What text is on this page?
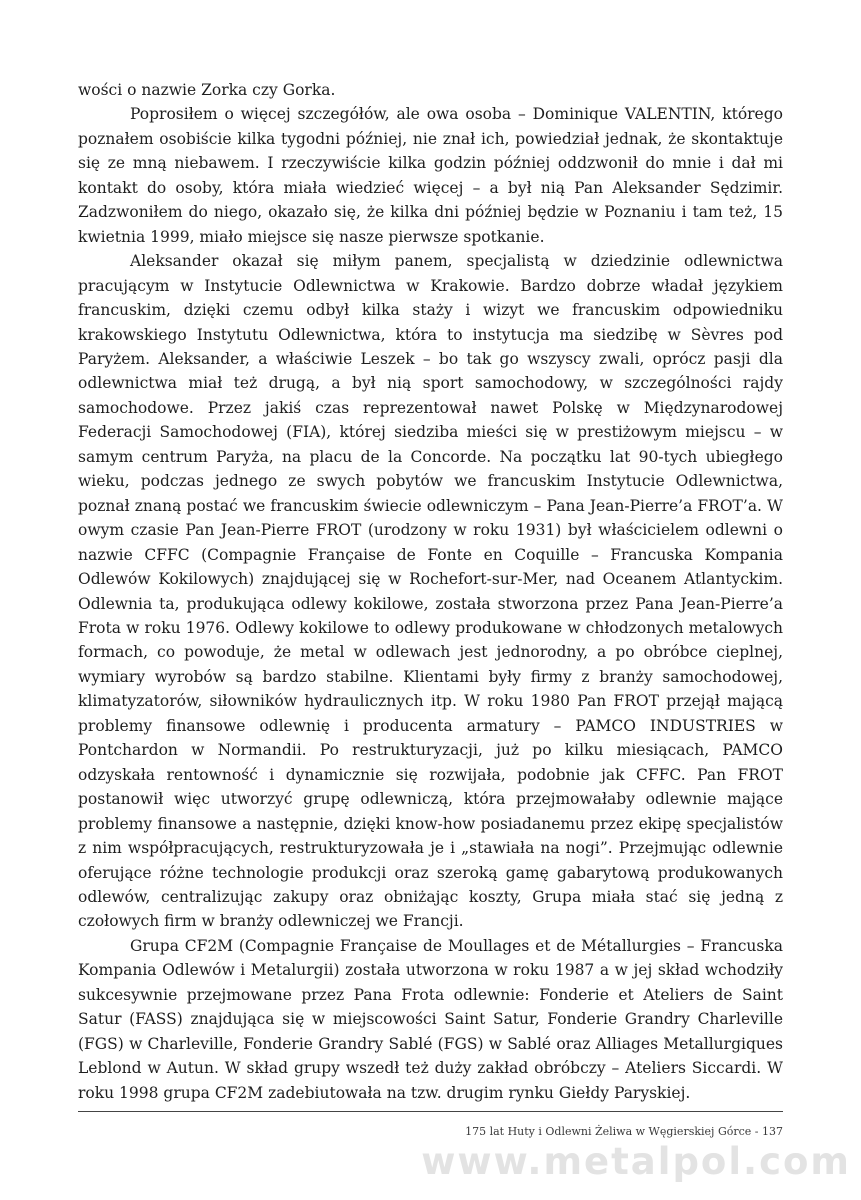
wości o nazwie Zorka czy Gorka.

Poprosiłem o więcej szczegółów, ale owa osoba – Dominique VALENTIN, którego poznałem osobiście kilka tygodni później, nie znał ich, powiedział jednak, że skontaktuje się ze mną niebawem. I rzeczywiście kilka godzin później oddzwonił do mnie i dał mi kontakt do osoby, która miała wiedzieć więcej – a był nią Pan Aleksander Sędzimir. Zadzwoniłem do niego, okazało się, że kilka dni później będzie w Poznaniu i tam też, 15 kwietnia 1999, miało miejsce się nasze pierwsze spotkanie.

Aleksander okazał się miłym panem, specjalistą w dziedzinie odlewnictwa pracującym w Instytucie Odlewnictwa w Krakowie. Bardzo dobrze władał językiem francuskim, dzięki czemu odbył kilka staży i wizyt we francuskim odpowiedniku krakowskiego Instytutu Odlewnictwa, która to instytucja ma siedzibę w Sèvres pod Paryżem. Aleksander, a właściwie Leszek – bo tak go wszyscy zwali, oprócz pasji dla odlewnictwa miał też drugą, a był nią sport samochodowy, w szczególności rajdy samochodowe. Przez jakiś czas reprezentował nawet Polskę w Międzynarodowej Federacji Samochodowej (FIA), której siedziba mieści się w prestiżowym miejscu – w samym centrum Paryża, na placu de la Concorde. Na początku lat 90-tych ubiegłego wieku, podczas jednego ze swych pobytów we francuskim Instytucie Odlewnictwa, poznał znaną postać we francuskim świecie odlewniczym – Pana Jean-Pierre’a FROT’a. W owym czasie Pan Jean-Pierre FROT (urodzony w roku 1931) był właścicielem odlewni o nazwie CFFC (Compagnie Française de Fonte en Coquille – Francuska Kompania Odlewów Kokilowych) znajdującej się w Rochefort-sur-Mer, nad Oceanem Atlantyckim. Odlewnia ta, produkująca odlewy kokilowe, została stworzona przez Pana Jean-Pierre’a Frota w roku 1976. Odlewy kokilowe to odlewy produkowane w chłodzonych metalowych formach, co powoduje, że metal w odlewach jest jednorodny, a po obróbce cieplnej, wymiary wyrobów są bardzo stabilne. Klientami były firmy z branży samochodowej, klimatyzatorów, siłowników hydraulicznych itp. W roku 1980 Pan FROT przejął mającą problemy finansowe odlewnię i producenta armatury – PAMCO INDUSTRIES w Pontchardon w Normandii. Po restrukturyzacji, już po kilku miesiącach, PAMCO odzyskała rentowność i dynamicznie się rozwijała, podobnie jak CFFC. Pan FROT postanowił więc utworzyć grupę odlewniczą, która przejmowałaby odlewnie mające problemy finansowe a następnie, dzięki know-how posiadanemu przez ekipę specjalistów z nim współpracujących, restrukturyzowała je i „stawiała na nogi”. Przejmując odlewnie oferujące różne technologie produkcji oraz szeroką gamę gabarytową produkowanych odlewów, centralizując zakupy oraz obniżając koszty, Grupa miała stać się jedną z czołowych firm w branży odlewniczej we Francji.

Grupa CF2M (Compagnie Française de Moullages et de Métallurgies – Francuska Kompania Odlewów i Metalurgii) została utworzona w roku 1987 a w jej skład wchodziły sukcesywnie przejmowane przez Pana Frota odlewnie: Fonderie et Ateliers de Saint Satur (FASS) znajdująca się w miejscowości Saint Satur, Fonderie Grandry Charleville (FGS) w Charleville, Fonderie Grandry Sablé (FGS) w Sablé oraz Alliages Metallurgiques Leblond w Autun. W skład grupy wszedł też duży zakład obróbczy – Ateliers Siccardi. W roku 1998 grupa CF2M zadebiutowała na tzw. drugim rynku Giełdy Paryskiej.

175 lat Huty i Odlewni Żeliwa w Węgierskiej Górce - 137
www.metalpol.com
